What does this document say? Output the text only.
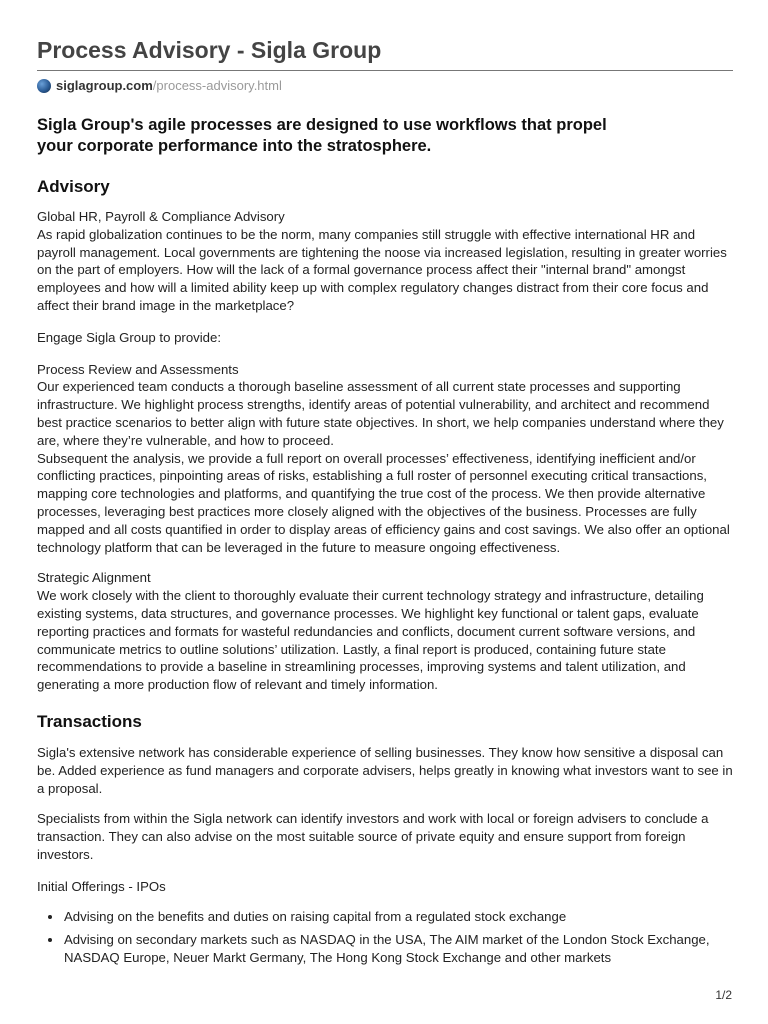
Process Advisory - Sigla Group
siglagroup.com /process-advisory.html

Sigla Group's agile processes are designed to use workflows that propel your corporate performance into the stratosphere.

Advisory

Global HR, Payroll & Compliance Advisory

As rapid globalization continues to be the norm, many companies still struggle with effective international HR and payroll management. Local governments are tightening the noose via increased legislation, resulting in greater worries on the part of employers. How will the lack of a formal governance process affect their "internal brand" amongst employees and how will a limited ability keep up with complex regulatory changes distract from their core focus and affect their brand image in the marketplace?

Engage Sigla Group to provide:

Process Review and Assessments

Our experienced team conducts a thorough baseline assessment of all current state processes and supporting infrastructure. We highlight process strengths, identify areas of potential vulnerability, and architect and recommend best practice scenarios to better align with future state objectives. In short, we help companies understand where they are, where they’re vulnerable, and how to proceed.

Subsequent the analysis, we provide a full report on overall processes’ effectiveness, identifying inefficient and/or conflicting practices, pinpointing areas of risks, establishing a full roster of personnel executing critical transactions, mapping core technologies and platforms, and quantifying the true cost of the process. We then provide alternative processes, leveraging best practices more closely aligned with the objectives of the business. Processes are fully mapped and all costs quantified in order to display areas of efficiency gains and cost savings. We also offer an optional technology platform that can be leveraged in the future to measure ongoing effectiveness.

Strategic Alignment

We work closely with the client to thoroughly evaluate their current technology strategy and infrastructure, detailing existing systems, data structures, and governance processes. We highlight key functional or talent gaps, evaluate reporting practices and formats for wasteful redundancies and conflicts, document current software versions, and communicate metrics to outline solutions’ utilization. Lastly, a final report is produced, containing future state recommendations to provide a baseline in streamlining processes, improving systems and talent utilization, and generating a more production flow of relevant and timely information.

Transactions

Sigla's extensive network has considerable experience of selling businesses. They know how sensitive a disposal can be. Added experience as fund managers and corporate advisers, helps greatly in knowing what investors want to see in a proposal.

Specialists from within the Sigla network can identify investors and work with local or foreign advisers to conclude a transaction. They can also advise on the most suitable source of private equity and ensure support from foreign investors.

Initial Offerings - IPOs

Advising on the benefits and duties on raising capital from a regulated stock exchange
Advising on secondary markets such as NASDAQ in the USA, The AIM market of the London Stock Exchange, NASDAQ Europe, Neuer Markt Germany, The Hong Kong Stock Exchange and other markets
1/2
